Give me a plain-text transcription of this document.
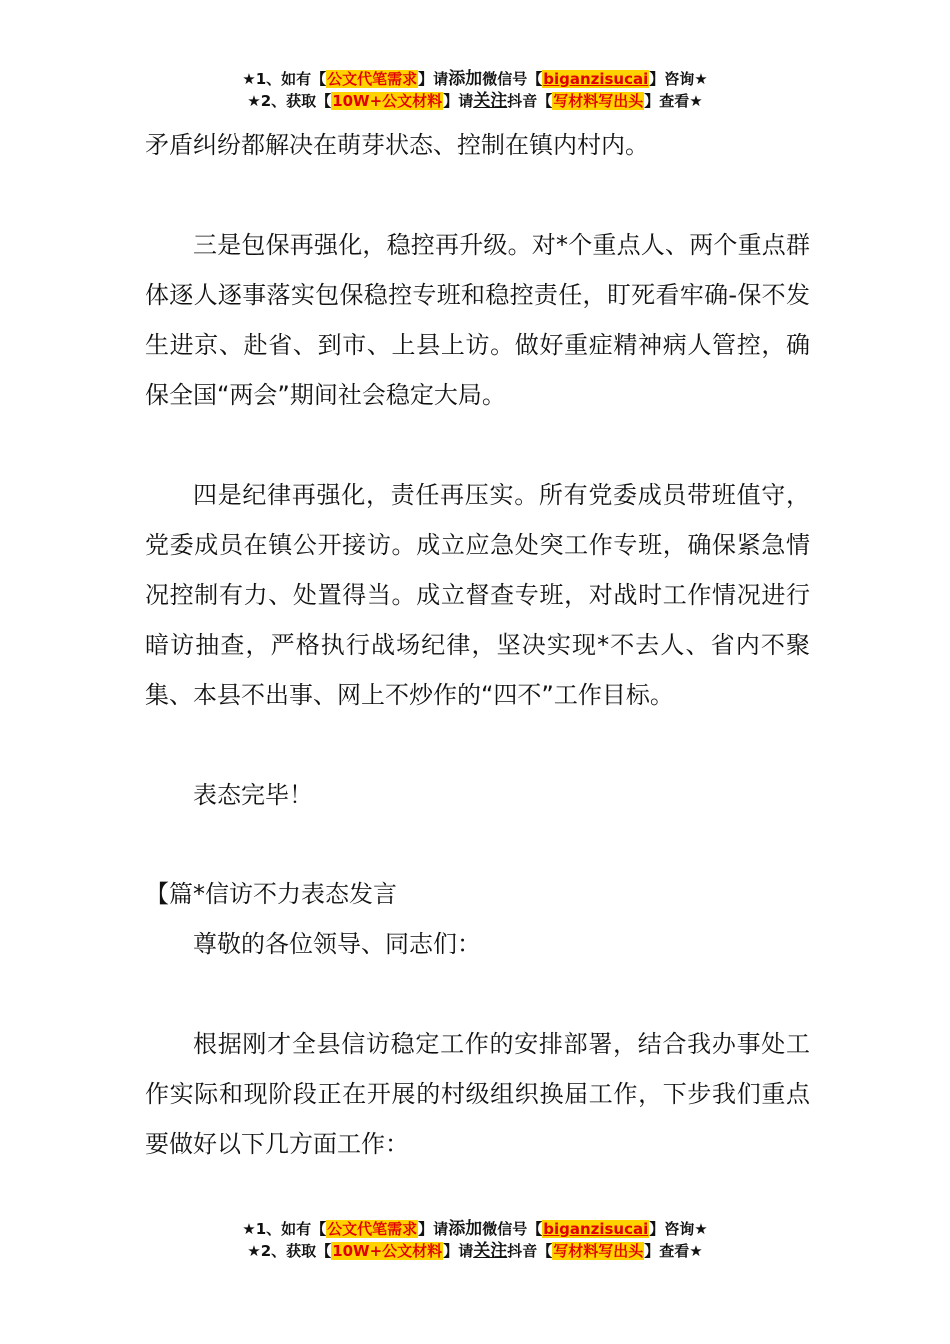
★1、如有【公文代笔需求】请添加微信号【biganzisucai】咨询★
★2、获取【10W+公文材料】请关注抖音【写材料写出头】查看★

矛盾纠纷都解决在萌芽状态、控制在镇内村内。

三是包保再强化，稳控再升级。对*个重点人、两个重点群体逐人逐事落实包保稳控专班和稳控责任，盯死看牢确-保不发生进京、赴省、到市、上县上访。做好重症精神病人管控，确保全国“两会”期间社会稳定大局。

四是纪律再强化，责任再压实。所有党委成员带班值守，党委成员在镇公开接访。成立应急处突工作专班，确保紧急情况控制有力、处置得当。成立督查专班，对战时工作情况进行暗访抽查，严格执行战场纪律，坚决实现*不去人、省内不聚集、本县不出事、网上不炒作的“四不”工作目标。

表态完毕！

【篇*信访不力表态发言

尊敬的各位领导、同志们：

根据刚才全县信访稳定工作的安排部署，结合我办事处工作实际和现阶段正在开展的村级组织换届工作，下步我们重点要做好以下几方面工作：

★1、如有【公文代笔需求】请添加微信号【biganzisucai】咨询★
★2、获取【10W+公文材料】请关注抖音【写材料写出头】查看★
